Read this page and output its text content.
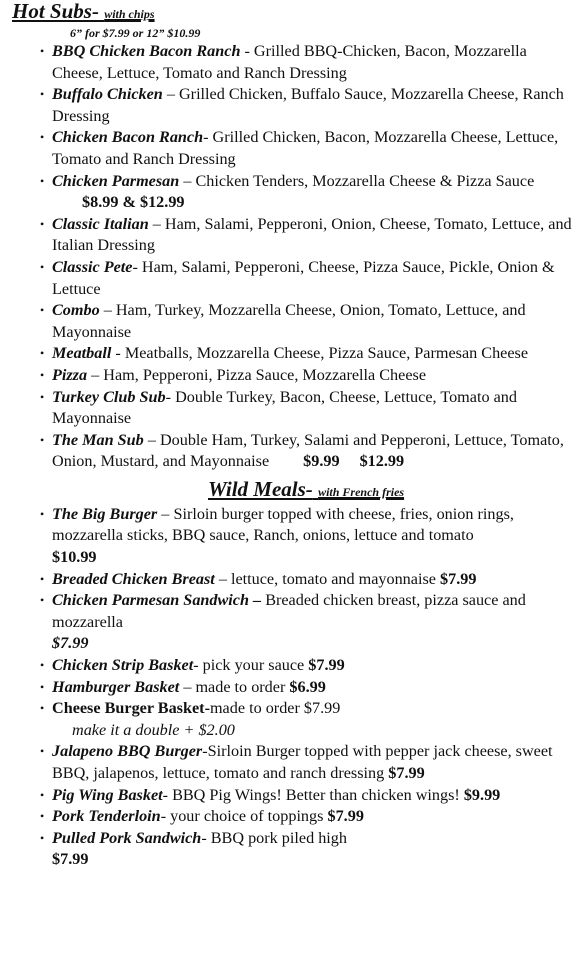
Hot Subs- with chips
6” for $7.99 or 12” $10.99
• BBQ Chicken Bacon Ranch - Grilled BBQ-Chicken, Bacon, Mozzarella Cheese, Lettuce, Tomato and Ranch Dressing
• Buffalo Chicken – Grilled Chicken, Buffalo Sauce, Mozzarella Cheese, Ranch Dressing
• Chicken Bacon Ranch- Grilled Chicken, Bacon, Mozzarella Cheese, Lettuce, Tomato and Ranch Dressing
• Chicken Parmesan – Chicken Tenders, Mozzarella Cheese & Pizza Sauce
$8.99 & $12.99
• Classic Italian – Ham, Salami, Pepperoni, Onion, Cheese, Tomato, Lettuce, and Italian Dressing
• Classic Pete- Ham, Salami, Pepperoni, Cheese, Pizza Sauce, Pickle, Onion & Lettuce
• Combo – Ham, Turkey, Mozzarella Cheese, Onion, Tomato, Lettuce, and Mayonnaise
• Meatball - Meatballs, Mozzarella Cheese, Pizza Sauce, Parmesan Cheese
• Pizza – Ham, Pepperoni, Pizza Sauce, Mozzarella Cheese
• Turkey Club Sub- Double Turkey, Bacon, Cheese, Lettuce, Tomato and Mayonnaise
• The Man Sub – Double Ham, Turkey, Salami and Pepperoni, Lettuce, Tomato, Onion, Mustard, and Mayonnaise $9.99 $12.99
Wild Meals- with French fries
• The Big Burger – Sirloin burger topped with cheese, fries, onion rings, mozzarella sticks, BBQ sauce, Ranch, onions, lettuce and tomato
$10.99
• Breaded Chicken Breast – lettuce, tomato and mayonnaise $7.99
• Chicken Parmesan Sandwich – Breaded chicken breast, pizza sauce and mozzarella
$7.99
• Chicken Strip Basket- pick your sauce $7.99
• Hamburger Basket – made to order $6.99
• Cheese Burger Basket-made to order $7.99
make it a double + $2.00
• Jalapeno BBQ Burger-Sirloin Burger topped with pepper jack cheese, sweet BBQ, jalapenos, lettuce, tomato and ranch dressing $7.99
• Pig Wing Basket- BBQ Pig Wings! Better than chicken wings! $9.99
• Pork Tenderloin- your choice of toppings $7.99
• Pulled Pork Sandwich- BBQ pork piled high
$7.99
